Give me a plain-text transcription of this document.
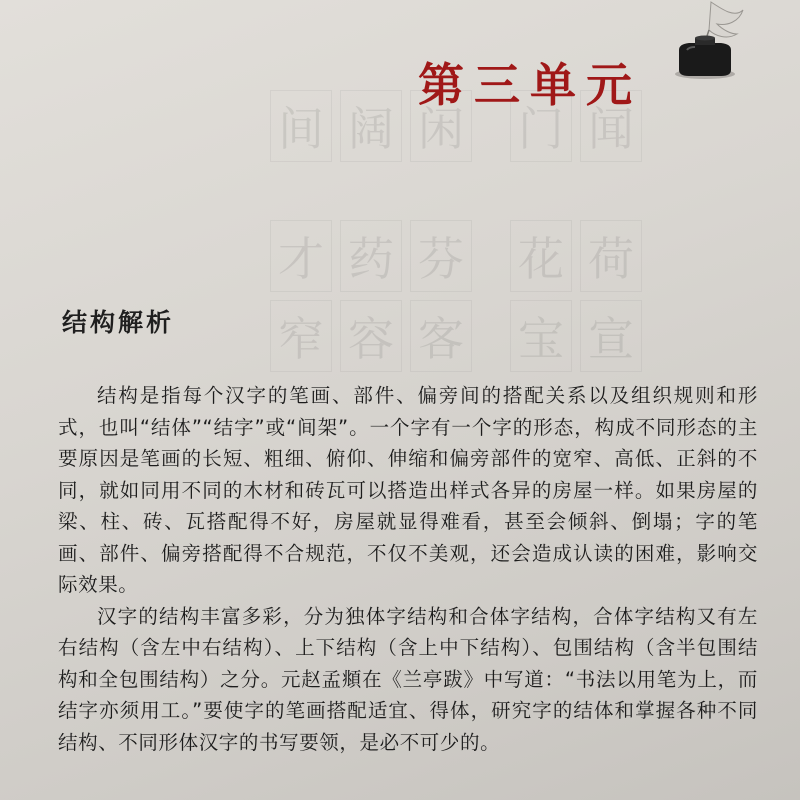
间 阔 闲
才 药 芬
窄 容 客
门 闻
花 荷
宝 宣
第三单元
结构解析

结构是指每个汉字的笔画、部件、偏旁间的搭配关系以及组织规则和形式，也叫“结体”“结字”或“间架”。一个字有一个字的形态，构成不同形态的主要原因是笔画的长短、粗细、俯仰、伸缩和偏旁部件的宽窄、高低、正斜的不同，就如同用不同的木材和砖瓦可以搭造出样式各异的房屋一样。如果房屋的梁、柱、砖、瓦搭配得不好，房屋就显得难看，甚至会倾斜、倒塌；字的笔画、部件、偏旁搭配得不合规范，不仅不美观，还会造成认读的困难，影响交际效果。

汉字的结构丰富多彩，分为独体字结构和合体字结构，合体字结构又有左右结构（含左中右结构）、上下结构（含上中下结构）、包围结构（含半包围结构和全包围结构）之分。元赵孟頫在《兰亭跋》中写道：“书法以用笔为上，而结字亦须用工。”要使字的笔画搭配适宜、得体，研究字的结体和掌握各种不同结构、不同形体汉字的书写要领，是必不可少的。
